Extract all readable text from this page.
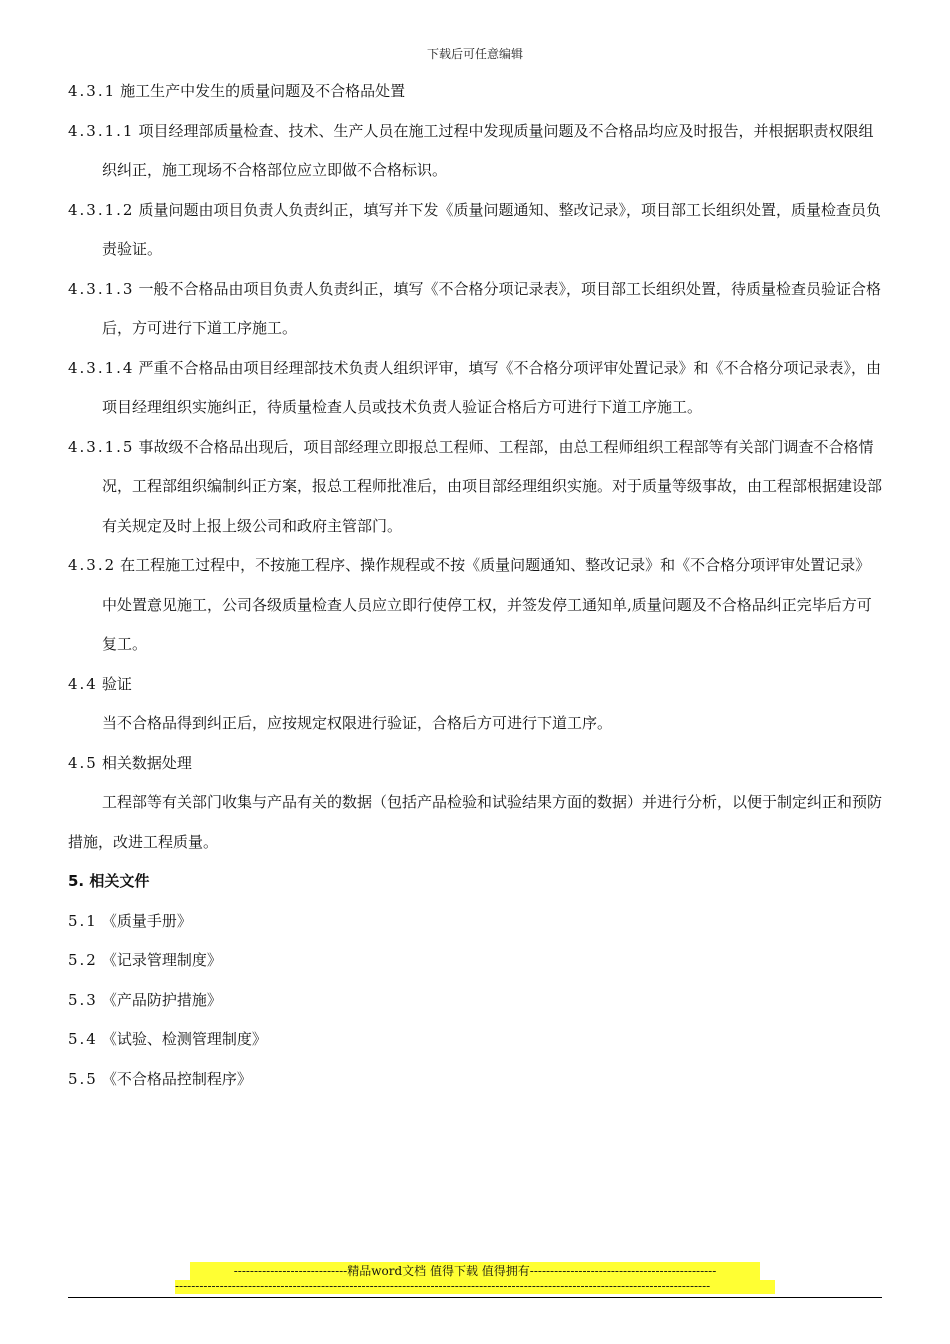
下载后可任意编辑

4.3.1 施工生产中发生的质量问题及不合格品处置

4.3.1.1 项目经理部质量检查、技术、生产人员在施工过程中发现质量问题及不合格品均应及时报告，并根据职责权限组织纠正，施工现场不合格部位应立即做不合格标识。

4.3.1.2 质量问题由项目负责人负责纠正，填写并下发《质量问题通知、整改记录》，项目部工长组织处置，质量检查员负责验证。

4.3.1.3 一般不合格品由项目负责人负责纠正，填写《不合格分项记录表》，项目部工长组织处置，待质量检查员验证合格后，方可进行下道工序施工。

4.3.1.4 严重不合格品由项目经理部技术负责人组织评审，填写《不合格分项评审处置记录》和《不合格分项记录表》，由项目经理组织实施纠正，待质量检查人员或技术负责人验证合格后方可进行下道工序施工。

4.3.1.5 事故级不合格品出现后，项目部经理立即报总工程师、工程部，由总工程师组织工程部等有关部门调查不合格情况，工程部组织编制纠正方案，报总工程师批准后，由项目部经理组织实施。对于质量等级事故，由工程部根据建设部有关规定及时上报上级公司和政府主管部门。

4.3.2 在工程施工过程中，不按施工程序、操作规程或不按《质量问题通知、整改记录》和《不合格分项评审处置记录》中处置意见施工，公司各级质量检查人员应立即行使停工权，并签发停工通知单,质量问题及不合格品纠正完毕后方可复工。

4.4 验证

当不合格品得到纠正后，应按规定权限进行验证，合格后方可进行下道工序。

4.5 相关数据处理

工程部等有关部门收集与产品有关的数据（包括产品检验和试验结果方面的数据）并进行分析，以便于制定纠正和预防措施，改进工程质量。

5. 相关文件

5.1 《质量手册》

5.2 《记录管理制度》

5.3 《产品防护措施》

5.4 《试验、检测管理制度》

5.5 《不合格品控制程序》

----------------------------精品word文档 值得下载 值得拥有----------------------------------------------
------------------------------------------------------------------------------------------------------------------------------------
